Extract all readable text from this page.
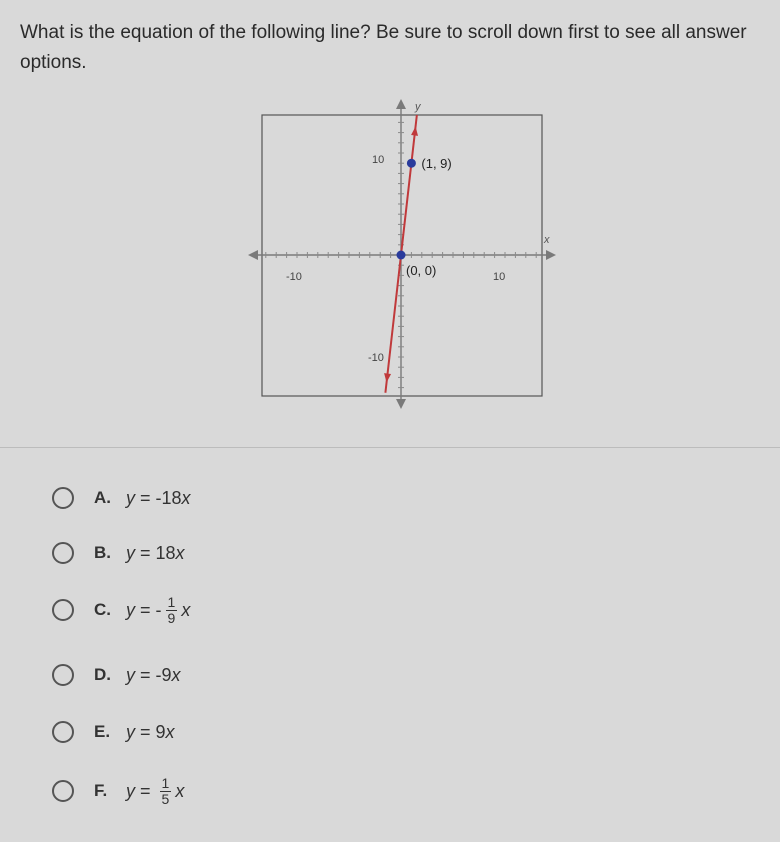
What is the equation of the following line? Be sure to scroll down first to see all answer options.
x
y
-10	10
10
-10
(1, 9)
(0, 0)
A. y = -18 x
B. y = 18 x
C. y = - $\frac{1}{9}$ x
D. y = -9 x
E. y = 9 x
F.	$y = \frac{1}{5}$ x
